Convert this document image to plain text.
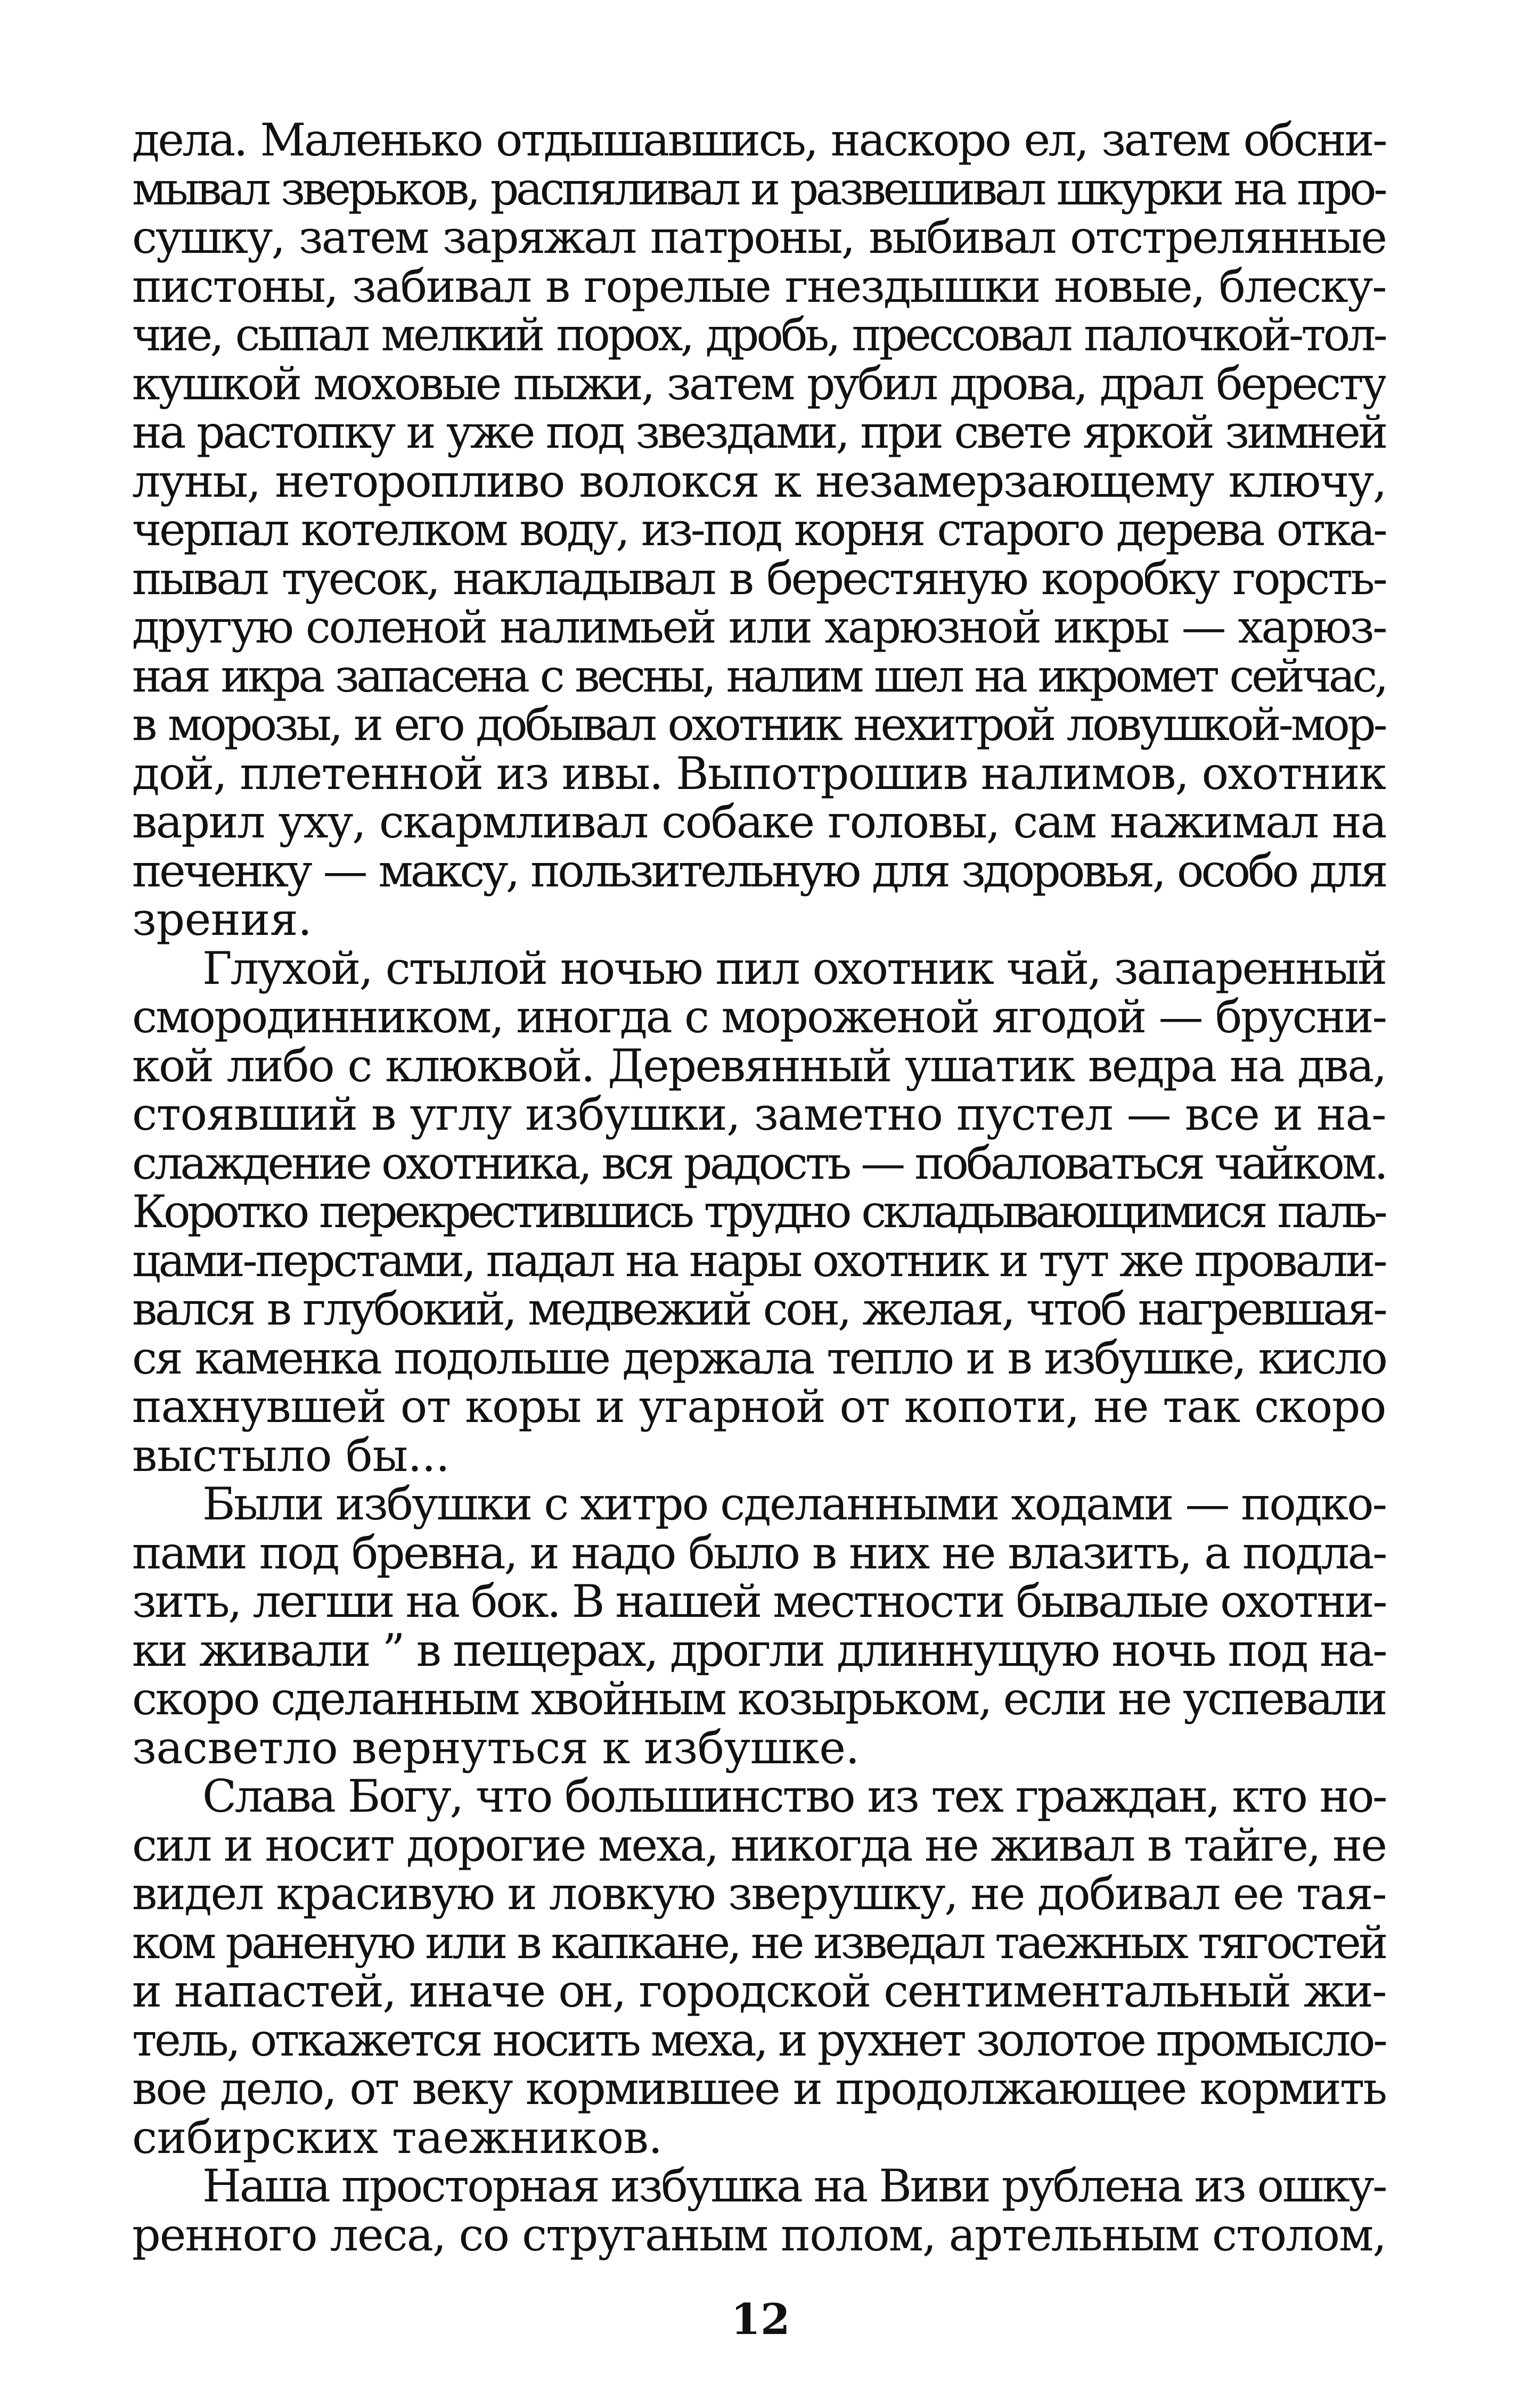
дела. Маленько отдышавшись, наскоро ел, затем обсни-
мывал зверьков, распяливал и развешивал шкурки на про-
сушку, затем заряжал патроны, выбивал отстрелянные
пистоны, забивал в горелые гнездышки новые, блеску-
чие, сыпал мелкий порох, дробь, прессовал палочкой-тол-
кушкой моховые пыжи, затем рубил дрова, драл бересту
на растопку и уже под звездами, при свете яркой зимней
луны, неторопливо волокся к незамерзающему ключу,
черпал котелком воду, из-под корня старого дерева отка-
пывал туесок, накладывал в берестяную коробку горсть-
другую соленой налимьей или харюзной икры — харюз-
ная икра запасена с весны, налим шел на икромет сейчас,
в морозы, и его добывал охотник нехитрой ловушкой-мор-
дой, плетенной из ивы. Выпотрошив налимов, охотник
варил уху, скармливал собаке головы, сам нажимал на
печенку — максу, пользительную для здоровья, особо для
зрения.
Глухой, стылой ночью пил охотник чай, запаренный
смородинником, иногда с мороженой ягодой — брусни-
кой либо с клюквой. Деревянный ушатик ведра на два,
стоявший в углу избушки, заметно пустел — все и на-
слаждение охотника, вся радость — побаловаться чайком.
Коротко перекрестившись трудно складывающимися паль-
цами-перстами, падал на нары охотник и тут же провали-
вался в глубокий, медвежий сон, желая, чтоб нагревшая-
ся каменка подольше держала тепло и в избушке, кисло
пахнувшей от коры и угарной от копоти, не так скоро
выстыло бы...
Были избушки с хитро сделанными ходами — подко-
пами под бревна, и надо было в них не влазить, а подла-
зить, легши на бок. В нашей местности бывалые охотни-
ки живали ” в пещерах, дрогли длиннущую ночь под на-
скоро сделанным хвойным козырьком, если не успевали
засветло вернуться к избушке.
Слава Богу, что большинство из тех граждан, кто но-
сил и носит дорогие меха, никогда не живал в тайге, не
видел красивую и ловкую зверушку, не добивал ее тая-
ком раненую или в капкане, не изведал таежных тягостей
и напастей, иначе он, городской сентиментальный жи-
тель, откажется носить меха, и рухнет золотое промысло-
вое дело, от веку кормившее и продолжающее кормить
сибирских таежников.
Наша просторная избушка на Виви рублена из ошку-
ренного леса, со струганым полом, артельным столом,
12
